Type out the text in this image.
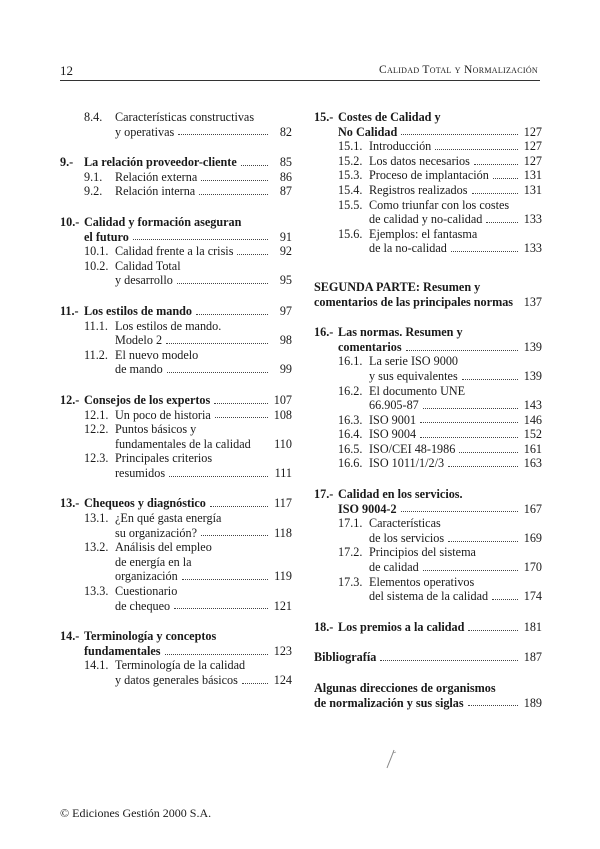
12	Calidad Total y Normalización
8.4.	Características constructivas
y operativas	82
9.- La relación proveedor-cliente	85
9.1.	Relación externa	86
9.2.	Relación interna	87
10.- Calidad y formación aseguran
el futuro	91
10.1. Calidad frente a la crisis	92
10.2. Calidad Total
y desarrollo	95
11.- Los estilos de mando	97
11.1. Los estilos de mando.
Modelo 2	98
11.2. El nuevo modelo
de mando	99
12.- Consejos de los expertos	107
12.1. Un poco de historia	108
12.2. Puntos básicos y
fundamentales de la calidad 110
12.3. Principales criterios
resumidos	111
13.- Chequeos y diagnóstico	117
13.1. ¿En qué gasta energía
su organización?	118
13.2. Análisis del empleo
de energía en la
organización	119
13.3. Cuestionario
de chequeo	121
14.- Terminología y conceptos
fundamentales	123
14.1. Terminología de la calidad
y datos generales básicos	124
15.- Costes de Calidad y
No Calidad	127
15.1. Introducción	127
15.2. Los datos necesarios	127
15.3. Proceso de implantación	131
15.4. Registros realizados	131
15.5. Como triunfar con los costes
de calidad y no-calidad	133
15.6. Ejemplos: el fantasma
de la no-calidad	133
SEGUNDA PARTE: Resumen y
comentarios de las principales normas 137
16.- Las normas. Resumen y
comentarios	139
16.1. La serie ISO 9000
y sus equivalentes	139
16.2. El documento UNE
66.905-87	143
16.3. ISO 9001	146
16.4. ISO 9004	152
16.5. ISO/CEI 48-1986	161
16.6. ISO 1011/1/2/3	163
17.- Calidad en los servicios.
ISO 9004-2	167
17.1. Características
de los servicios	169
17.2. Principios del sistema
de calidad	170
17.3. Elementos operativos
del sistema de la calidad	174
18.- Los premios a la calidad	181
Bibliografía	187
Algunas direcciones de organismos
de normalización y sus siglas	189
© Ediciones Gestión 2000 S.A.
